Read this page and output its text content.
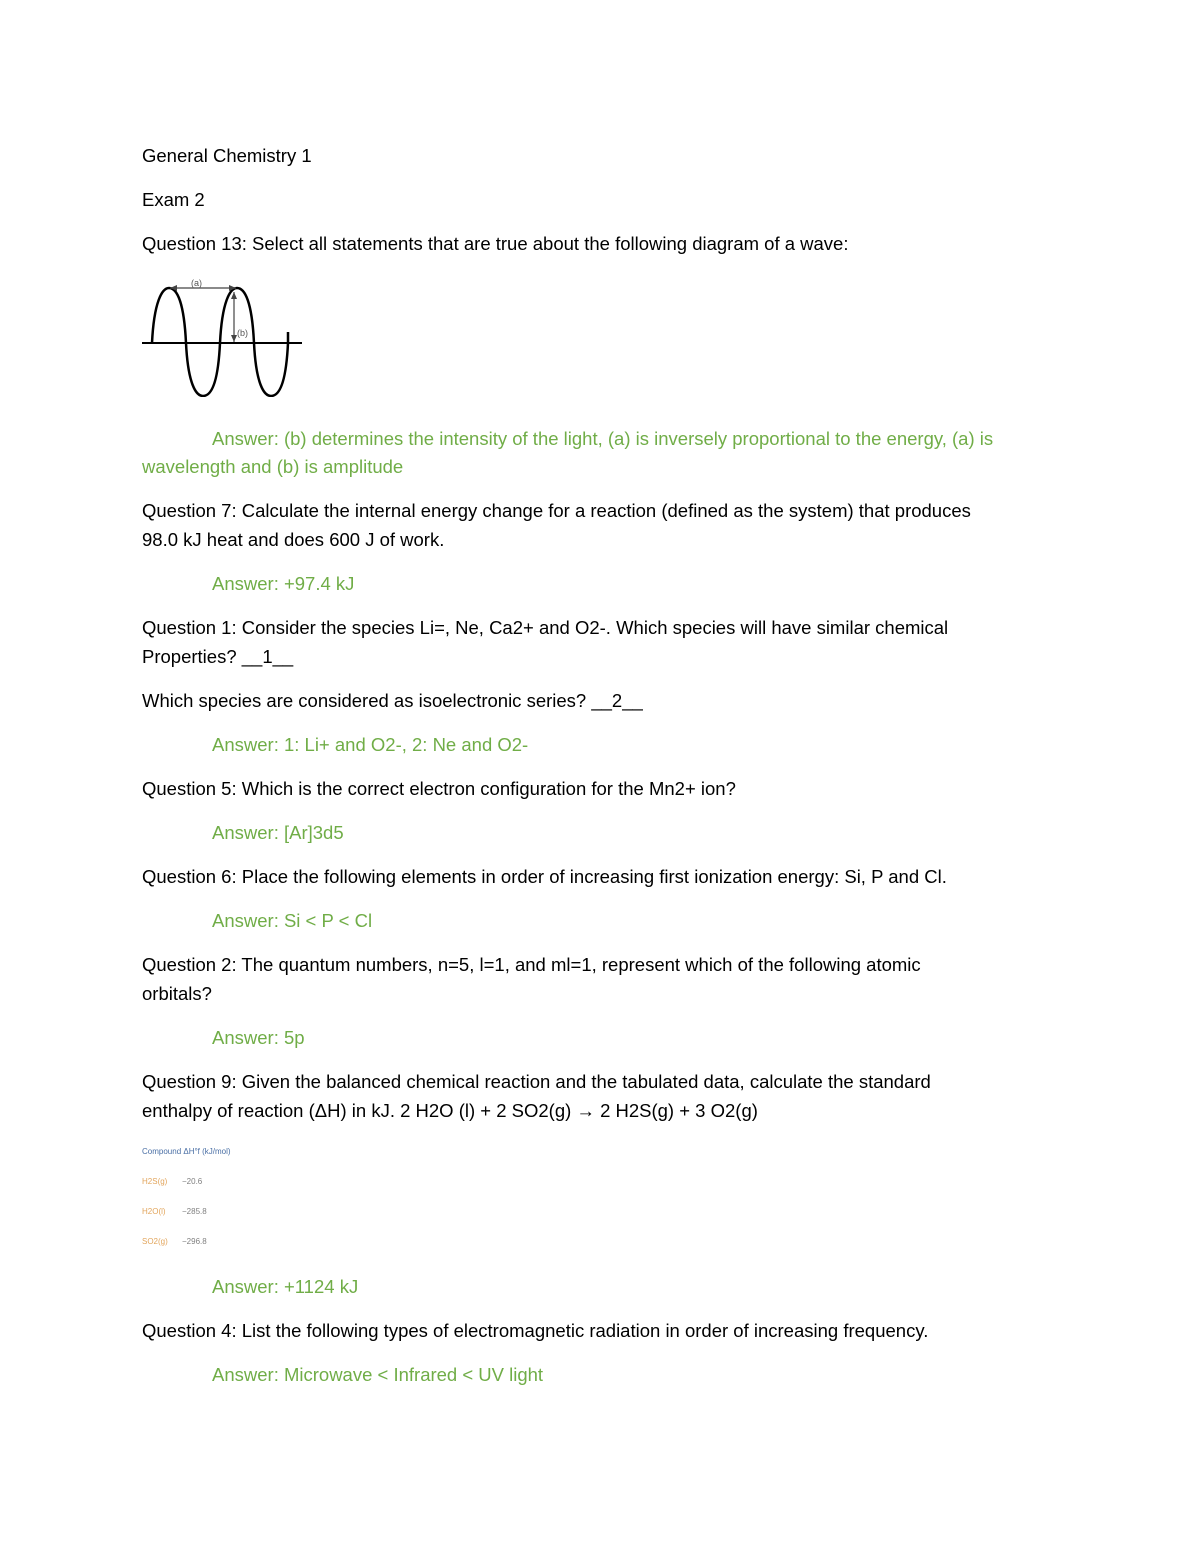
General Chemistry 1
Exam 2
Question 13: Select all statements that are true about the following diagram of a wave:
(a)
(b)
Answer: (b) determines the intensity of the light, (a) is inversely proportional to the energy, (a) is wavelength and (b) is amplitude
Question 7: Calculate the internal energy change for a reaction (defined as the system) that produces
98.0 kJ heat and does 600 J of work.
Answer: +97.4 kJ
Question 1: Consider the species Li=, Ne, Ca2+ and O2-. Which species will have similar chemical
Properties? __1__
Which species are considered as isoelectronic series? __2__
Answer: 1: Li+ and O2-, 2: Ne and O2-
Question 5: Which is the correct electron configuration for the Mn2+ ion?
Answer: [Ar]3d5
Question 6: Place the following elements in order of increasing first ionization energy: Si, P and Cl.
Answer: Si < P < Cl
Question 2: The quantum numbers, n=5, l=1, and ml=1, represent which of the following atomic
orbitals?
Answer: 5p
Question 9: Given the balanced chemical reaction and the tabulated data, calculate the standard
enthalpy of reaction (ΔH) in kJ. 2 H2O (l) + 2 SO2(g) → 2 H2S(g) + 3 O2(g)
Compound ΔH°f (kJ/mol)
H2S(g) −20.6
H2O(l) −285.8
SO2(g) −296.8
Answer: +1124 kJ
Question 4: List the following types of electromagnetic radiation in order of increasing frequency.
Answer: Microwave < Infrared < UV light
